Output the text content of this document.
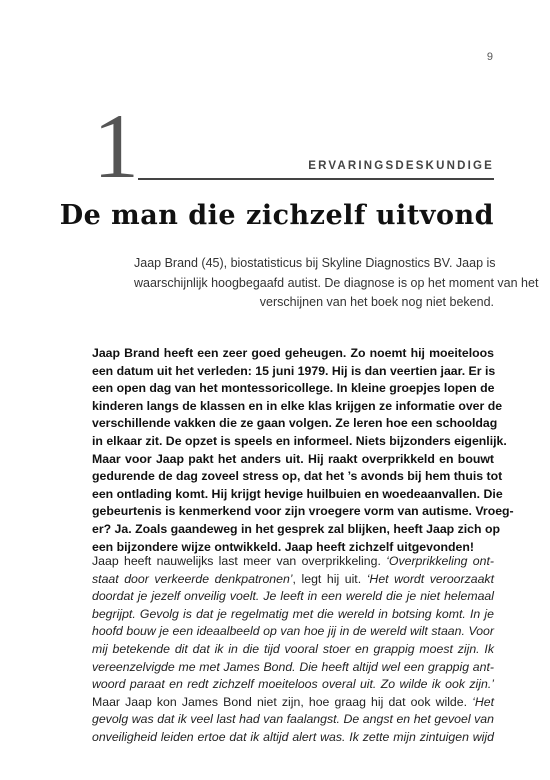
9
1	ERVARINGSDESKUNDIGE
De man die zichzelf uitvond
Jaap Brand (45), biostatisticus bij Skyline Diagnostics BV. Jaap is
waarschijnlijk hoogbegaafd autist. De diagnose is op het moment van het
verschijnen van het boek nog niet bekend.
Jaap Brand heeft een zeer goed geheugen. Zo noemt hij moeiteloos
een datum uit het verleden: 15 juni 1979. Hij is dan veertien jaar. Er is
een open dag van het montessoricollege. In kleine groepjes lopen de
kinderen langs de klassen en in elke klas krijgen ze informatie over de
verschillende vakken die ze gaan volgen. Ze leren hoe een schooldag
in elkaar zit. De opzet is speels en informeel. Niets bijzonders eigenlijk.
Maar voor Jaap pakt het anders uit. Hij raakt overprikkeld en bouwt
gedurende de dag zoveel stress op, dat het ’s avonds bij hem thuis tot
een ontlading komt. Hij krijgt hevige huilbuien en woedeaanvallen. Die
gebeurtenis is kenmerkend voor zijn vroegere vorm van autisme. Vroeg-
er? Ja. Zoals gaandeweg in het gesprek zal blijken, heeft Jaap zich op
een bijzondere wijze ontwikkeld. Jaap heeft zichzelf uitgevonden!
Jaap heeft nauwelijks last meer van overprikkeling. ‘Overprikkeling ont-
staat door verkeerde denkpatronen’, legt hij uit. ‘Het wordt veroorzaakt
doordat je jezelf onveilig voelt. Je leeft in een wereld die je niet helemaal
begrijpt. Gevolg is dat je regelmatig met die wereld in botsing komt. In je
hoofd bouw je een ideaalbeeld op van hoe jij in de wereld wilt staan. Voor
mij betekende dit dat ik in die tijd vooral stoer en grappig moest zijn. Ik
vereenzelvigde me met James Bond. Die heeft altijd wel een grappig ant-
woord paraat en redt zichzelf moeiteloos overal uit. Zo wilde ik ook zijn.’
Maar Jaap kon James Bond niet zijn, hoe graag hij dat ook wilde. ‘Het
gevolg was dat ik veel last had van faalangst. De angst en het gevoel van
onveiligheid leiden ertoe dat ik altijd alert was. Ik zette mijn zintuigen wijd
